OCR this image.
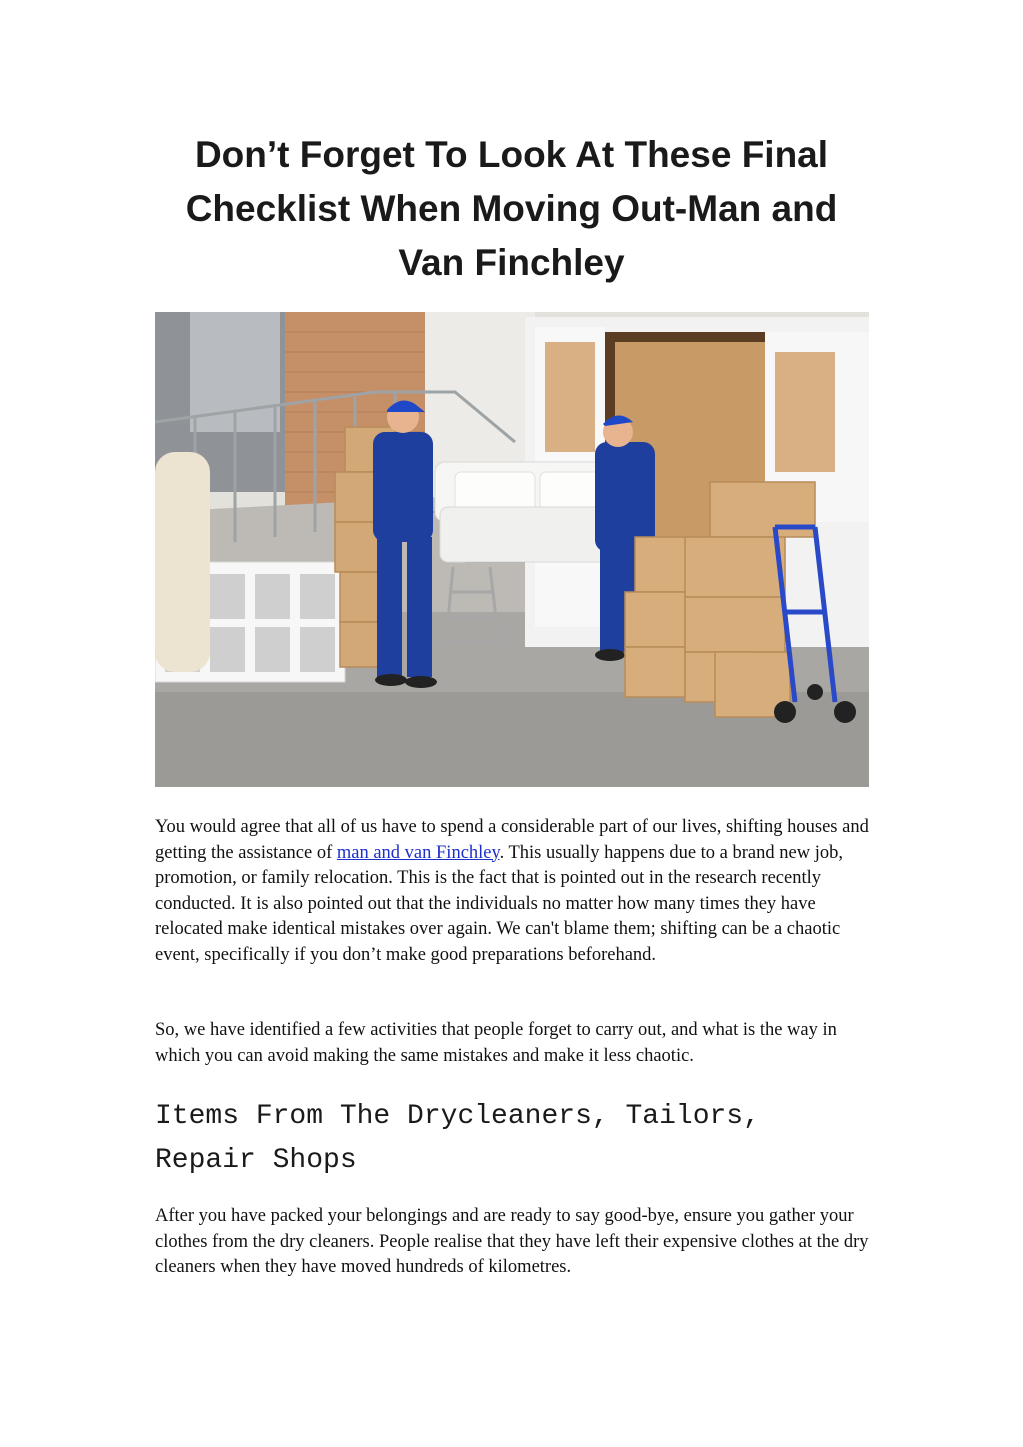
Don’t Forget To Look At These Final Checklist When Moving Out-Man and Van Finchley

You would agree that all of us have to spend a considerable part of our lives, shifting houses and getting the assistance of man and van Finchley. This usually happens due to a brand new job, promotion, or family relocation. This is the fact that is pointed out in the research recently conducted. It is also pointed out that the individuals no matter how many times they have relocated make identical mistakes over again. We can't blame them; shifting can be a chaotic event, specifically if you don’t make good preparations beforehand.

So, we have identified a few activities that people forget to carry out, and what is the way in which you can avoid making the same mistakes and make it less chaotic.

Items From The Drycleaners, Tailors, Repair Shops

After you have packed your belongings and are ready to say good-bye, ensure you gather your clothes from the dry cleaners. People realise that they have left their expensive clothes at the dry cleaners when they have moved hundreds of kilometres.
